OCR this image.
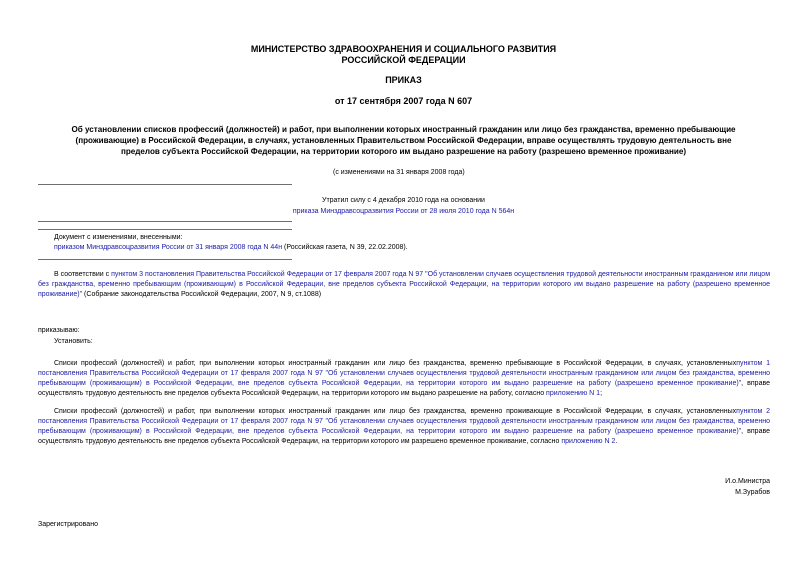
МИНИСТЕРСТВО ЗДРАВООХРАНЕНИЯ И СОЦИАЛЬНОГО РАЗВИТИЯ
РОССИЙСКОЙ ФЕДЕРАЦИИ
ПРИКАЗ
от 17 сентября 2007 года N 607
Об установлении списков профессий (должностей) и работ, при выполнении которых иностранный гражданин или лицо без гражданства, временно пребывающие
(проживающие) в Российской Федерации, в случаях, установленных Правительством Российской Федерации, вправе осуществлять трудовую деятельность вне
пределов субъекта Российской Федерации, на территории которого им выдано разрешение на работу (разрешено временное проживание)
(с изменениями на 31 января 2008 года)
Утратил силу с 4 декабря 2010 года на основании
приказа Минздравсоцразвития России от 28 июля 2010 года N 564н
Документ с изменениями, внесенными:
приказом Минздравсоцразвития России от 31 января 2008 года N 44н (Российская газета, N 39, 22.02.2008).
В соответствии с пунктом 3 постановления Правительства Российской Федерации от 17 февраля 2007 года N 97 "Об установлении случаев осуществления трудовой деятельности иностранным гражданином или лицом без гражданства, временно пребывающим (проживающим) в Российской Федерации, вне пределов субъекта Российской Федерации, на территории которого им выдано разрешение на работу (разрешено временное проживание)" (Собрание законодательства Российской Федерации, 2007, N 9, ст.1088)
приказываю:
Установить:
Списки профессий (должностей) и работ, при выполнении которых иностранный гражданин или лицо без гражданства, временно пребывающие в Российской Федерации, в случаях, установленныхпунктом 1 постановления Правительства Российской Федерации от 17 февраля 2007 года N 97 "Об установлении случаев осуществления трудовой деятельности иностранным гражданином или лицом без гражданства, временно пребывающим (проживающим) в Российской Федерации, вне пределов субъекта Российской Федерации, на территории которого им выдано разрешение на работу (разрешено временное проживание)", вправе осуществлять трудовую деятельность вне пределов субъекта Российской Федерации, на территории которого им выдано разрешение на работу, согласно приложению N 1;
Списки профессий (должностей) и работ, при выполнении которых иностранный гражданин или лицо без гражданства, временно проживающие в Российской Федерации, в случаях, установленныхпунктом 2 постановления Правительства Российской Федерации от 17 февраля 2007 года N 97 "Об установлении случаев осуществления трудовой деятельности иностранным гражданином или лицом без гражданства, временно пребывающим (проживающим) в Российской Федерации, вне пределов субъекта Российской Федерации, на территории которого им выдано разрешение на работу (разрешено временное проживание)", вправе осуществлять трудовую деятельность вне пределов субъекта Российской Федерации, на территории которого им разрешено временное проживание, согласно приложению N 2.
И.о.Министра
М.Зурабов
Зарегистрировано
